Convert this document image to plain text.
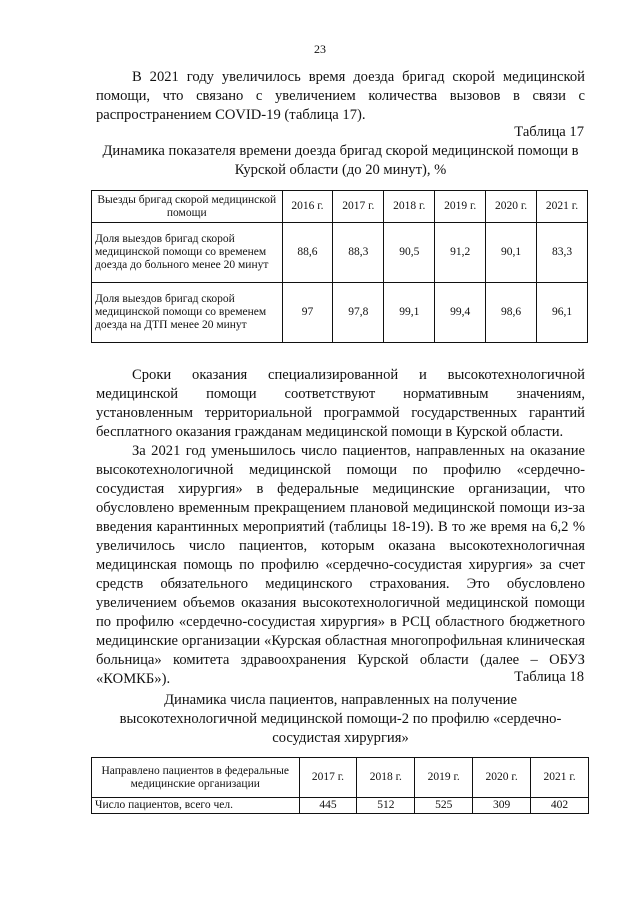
23

В 2021 году увеличилось время доезда бригад скорой медицинской помощи, что связано с увеличением количества вызовов в связи с распространением COVID-19 (таблица 17).

Таблица 17
Динамика показателя времени доезда бригад скорой медицинской помощи в Курской области (до 20 минут), %
Выезды бригад скорой медицинской помощи	2016 г.	2017 г.	2018 г.	2019 г.	2020 г.	2021 г.
Доля выездов бригад скорой медицинской помощи со временем доезда до больного менее 20 минут	88,6	88,3	90,5	91,2	90,1	83,3
Доля выездов бригад скорой медицинской помощи со временем доезда на ДТП менее 20 минут	97	97,8	99,1	99,4	98,6	96,1

Сроки оказания специализированной и высокотехнологичной медицинской помощи соответствуют нормативным значениям, установленным территориальной программой государственных гарантий бесплатного оказания гражданам медицинской помощи в Курской области.

За 2021 год уменьшилось число пациентов, направленных на оказание высокотехнологичной медицинской помощи по профилю «сердечно-сосудистая хирургия» в федеральные медицинские организации, что обусловлено временным прекращением плановой медицинской помощи из-за введения карантинных мероприятий (таблицы 18-19). В то же время на 6,2 % увеличилось число пациентов, которым оказана высокотехнологичная медицинская помощь по профилю «сердечно-сосудистая хирургия» за счет средств обязательного медицинского страхования. Это обусловлено увеличением объемов оказания высокотехнологичной медицинской помощи по профилю «сердечно-сосудистая хирургия» в РСЦ областного бюджетного медицинские организации «Курская областная многопрофильная клиническая больница» комитета здравоохранения Курской области (далее – ОБУЗ «КОМКБ»).	Таблица 18
Динамика числа пациентов, направленных на получение высокотехнологичной медицинской помощи-2 по профилю «сердечно-сосудистая хирургия»
Направлено пациентов в федеральные медицинские организации	2017 г.	2018 г.	2019 г.	2020 г.	2021 г.
Число пациентов, всего чел.	445	512	525	309	402
